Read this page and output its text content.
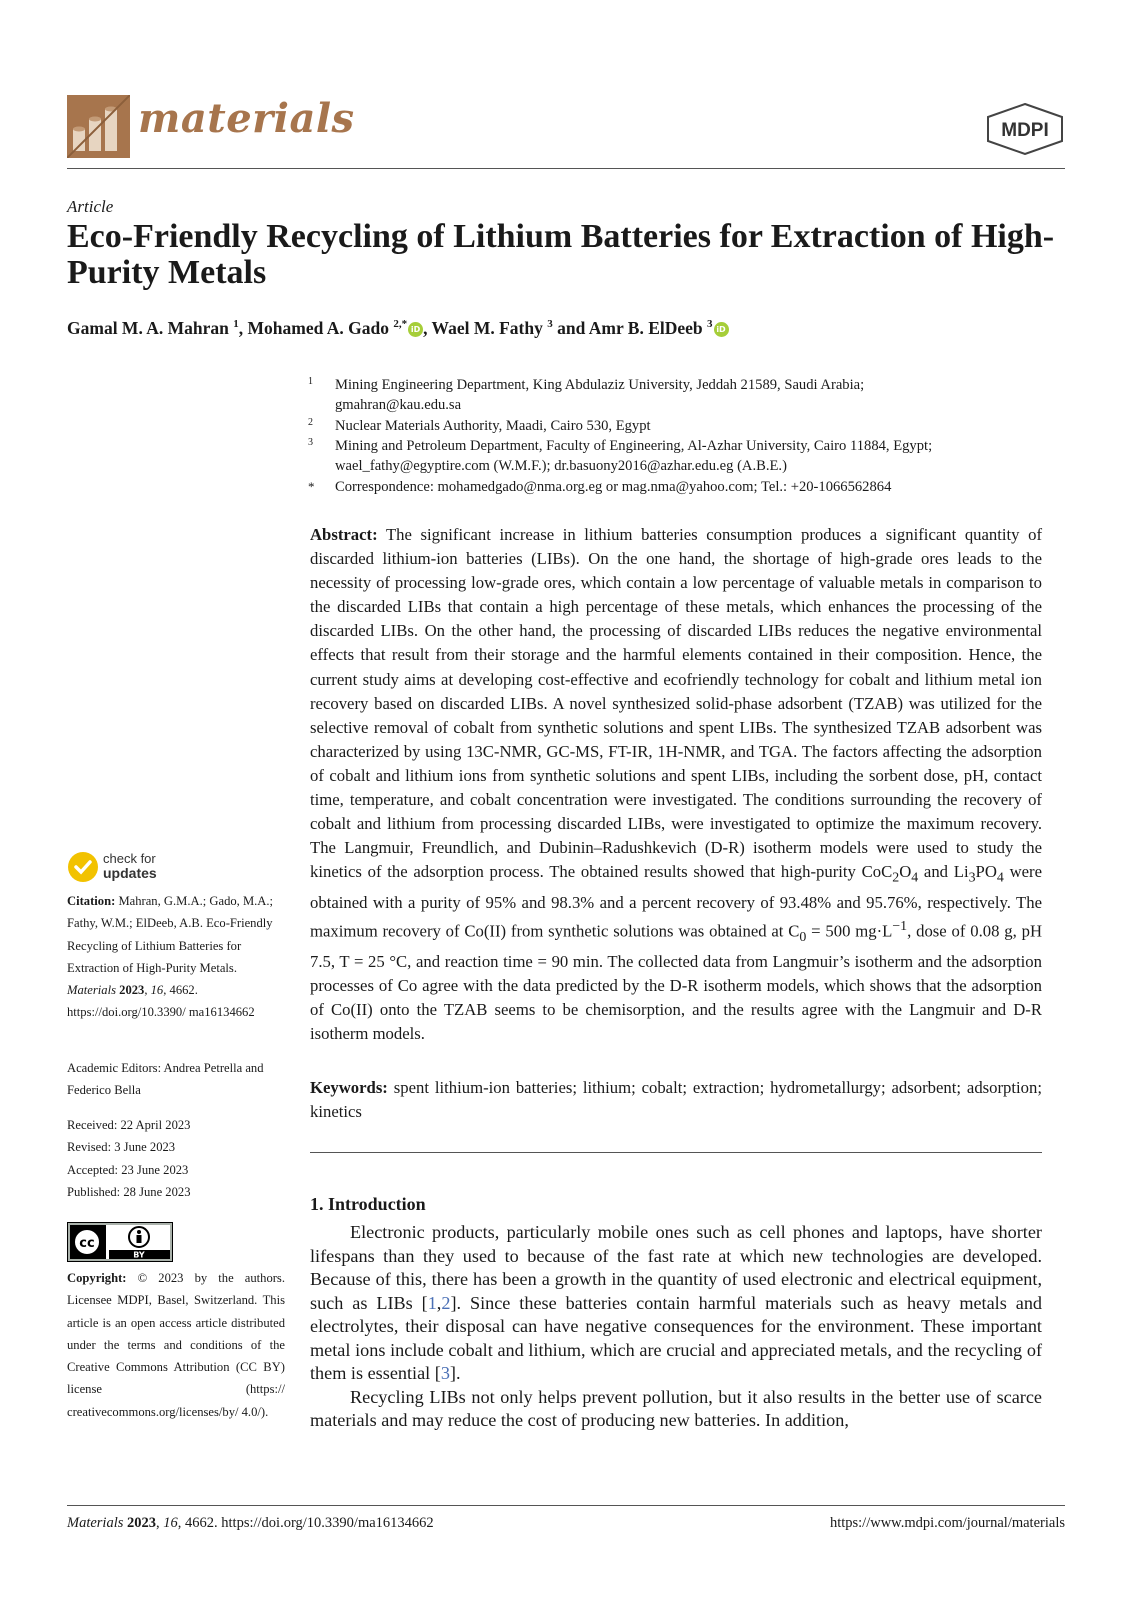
materials	MDPI
Article
Eco-Friendly Recycling of Lithium Batteries for Extraction of High-Purity Metals
Gamal M. A. Mahran $^1$, Mohamed A. Gado $^{2,*}$ iD , Wael M. Fathy $^3$ and Amr B. ElDeeb $^3$ iD
1 Mining Engineering Department, King Abdulaziz University, Jeddah 21589, Saudi Arabia; gmahran@kau.edu.sa
2 Nuclear Materials Authority, Maadi, Cairo 530, Egypt
3 Mining and Petroleum Department, Faculty of Engineering, Al-Azhar University, Cairo 11884, Egypt; wael_fathy@egyptire.com (W.M.F.); dr.basuony2016@azhar.edu.eg (A.B.E.)
* Correspondence: mohamedgado@nma.org.eg or mag.nma@yahoo.com; Tel.: +20-1066562864
Abstract: The significant increase in lithium batteries consumption produces a significant quantity of discarded lithium-ion batteries (LIBs). On the one hand, the shortage of high-grade ores leads to the necessity of processing low-grade ores, which contain a low percentage of valuable metals in comparison to the discarded LIBs that contain a high percentage of these metals, which enhances the processing of the discarded LIBs. On the other hand, the processing of discarded LIBs reduces the negative environmental effects that result from their storage and the harmful elements contained in their composition. Hence, the current study aims at developing cost-effective and ecofriendly technology for cobalt and lithium metal ion recovery based on discarded LIBs. A novel synthesized solid-phase adsorbent (TZAB) was utilized for the selective removal of cobalt from synthetic solutions and spent LIBs. The synthesized TZAB adsorbent was characterized by using 13C-NMR, GC-MS, FT-IR, 1H-NMR, and TGA. The factors affecting the adsorption of cobalt and lithium ions from synthetic solutions and spent LIBs, including the sorbent dose, pH, contact time, temperature, and cobalt concentration were investigated. The conditions surrounding the recovery of cobalt and lithium from processing discarded LIBs, were investigated to optimize the maximum recovery. The Langmuir, Freundlich, and Dubinin–Radushkevich (D-R) isotherm models were used to study the kinetics of the adsorption process. The obtained results showed that high-purity $CoC_2O_4$ and $Li_3PO_4$ were obtained with a purity of 95% and 98.3% and a percent recovery of 93.48% and 95.76%, respectively. The maximum recovery of Co(II) from synthetic solutions was obtained at $C_0 = 500$ $mg\cdot L^{-1}$, dose of 0.08 g, pH 7.5, T = 25 °C, and reaction time = 90 min. The collected data from Langmuir’s isotherm and the adsorption processes of Co agree with the data predicted by the D-R isotherm models, which shows that the adsorption of Co(II) onto the TZAB seems to be chemisorption, and the results agree with the Langmuir and D-R isotherm models.
Keywords: spent lithium-ion batteries; lithium; cobalt; extraction; hydrometallurgy; adsorbent; adsorption; kinetics
check for
updates
Citation: Mahran, G.M.A.; Gado, M.A.; Fathy, W.M.; ElDeeb, A.B. Eco-Friendly Recycling of Lithium Batteries for Extraction of High-Purity Metals. Materials 2023, 16, 4662. https://doi.org/10.3390/ ma16134662
Academic Editors: Andrea Petrella and Federico Bella
Received: 22 April 2023
Revised: 3 June 2023
Accepted: 23 June 2023
Published: 28 June 2023
cc
BY
Copyright: © 2023 by the authors. Licensee MDPI, Basel, Switzerland. This article is an open access article distributed under the terms and conditions of the Creative Commons Attribution (CC BY) license (https:// creativecommons.org/licenses/by/ 4.0/).
1. Introduction

Electronic products, particularly mobile ones such as cell phones and laptops, have shorter lifespans than they used to because of the fast rate at which new technologies are developed. Because of this, there has been a growth in the quantity of used electronic and electrical equipment, such as LIBs [1,2]. Since these batteries contain harmful materials such as heavy metals and electrolytes, their disposal can have negative consequences for the environment. These important metal ions include cobalt and lithium, which are crucial and appreciated metals, and the recycling of them is essential [3].

Recycling LIBs not only helps prevent pollution, but it also results in the better use of scarce materials and may reduce the cost of producing new batteries. In addition,

Materials 2023, 16, 4662. https://doi.org/10.3390/ma16134662	https://www.mdpi.com/journal/materials
